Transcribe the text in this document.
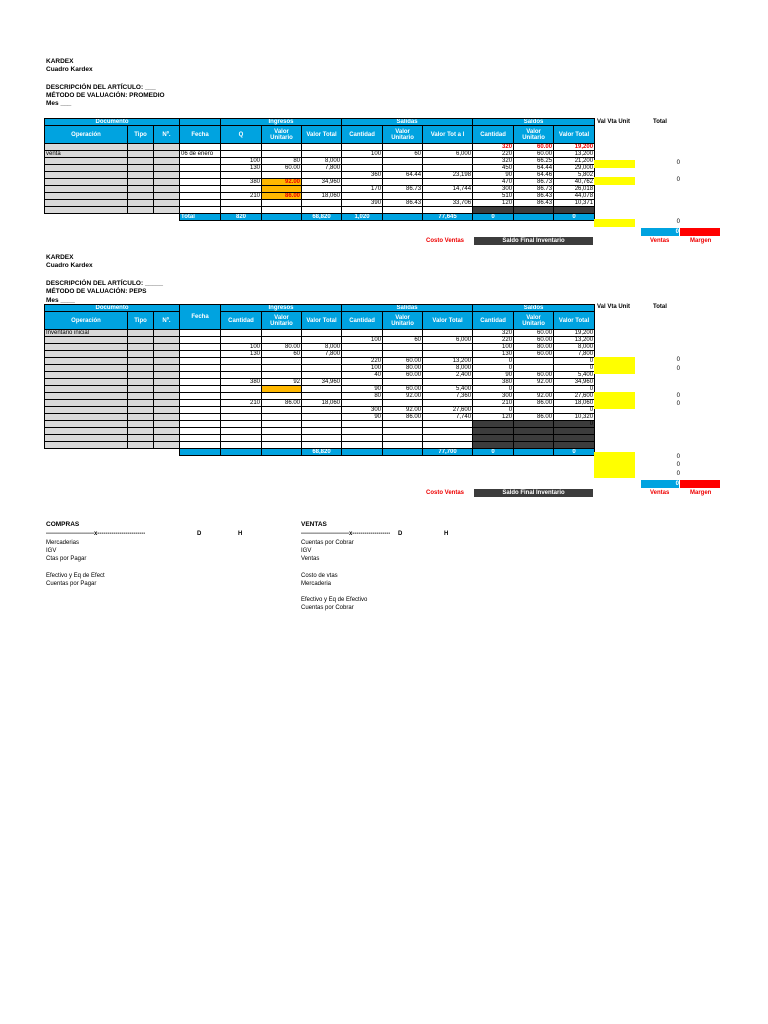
KARDEX
Cuadro Kardex
DESCRIPCIÓN DEL ARTÍCULO: ___
MÉTODO DE VALUACIÓN: PROMEDIO
Mes ___
Val Vta Unit	Total
Documento				Ingresos			Salidas			Saldos		
Operación	Tipo	Nº.	Fecha	Q	Valor Unitario	Valor Total	Cantidad	Valor Unitario	Valor Tot a l	Cantidad	Valor Unitario	Valor Total
										320	60.00	19,200
venta			06 de enero				100	60	6,000	220	60.00	13,200
				100	80	8,000				320	66.25	21,200
				130	60.00	7,800				450	64.44	29,000
							360	64.44	23,198	90	64.46	5,802
				380	92.00	34,960				470	86.73	40,762
							170	86.73	14,744	300	86.73	26,018
				210	86.00	18,060				510	86.43	44,078
							390	86.43	33,706	120	86.43	10,371

			Total	820		68,820	1,020		77,645	0		0
0
0
0
0
Costo Ventas	Saldo Final Inventario	Ventas	Margen
KARDEX
Cuadro Kardex
DESCRIPCIÓN DEL ARTÍCULO: _____
MÉTODO DE VALUACIÓN: PEPS
Mes ____
Val Vta Unit	Total
Documento			Fecha	Ingresos			Salidas			Saldos		
Operación	Tipo	Nº.		Cantidad	Valor Unitario	Valor Total	Cantidad	Valor Unitario	Valor Total	Cantidad	Valor Unitario	Valor Total
Inventario inicial										320	60.00	19,200
							100	60	6,000	220	60.00	13,200
				100	80.00	8,000				100	80.00	8,000
				130	60	7,800				130	60.00	7,800
							220	60.00	13,200	0		0
							100	80.00	8,000	0		0
							40	60.00	2,400	90	60.00	5,400
				380	92	34,960				380	92.00	34,960
							90	60.00	5,400	0		0
							80	92.00	7,360	300	92.00	27,600
				210	86.00	18,060				210	86.00	18,060
							300	92.00	27,600	0		0
							90	86.00	7,740	120	86.00	10,320
												0

						68,820			77,700	0		0
0
0
0
0
0
0
0
0
Costo Ventas	Saldo Final Inventario	Ventas	Margen
COMPRAS
------------------------x------------------------	D	H
Mercaderias
IGV
Ctas por Pagar
Efectivo y Eq de Efect
Cuentas por Pagar
VENTAS
------------------------x------------------- D	H
Cuentas por Cobrar
IGV
Ventas
Costo de vtas
Mercaderia
Efectivo y Eq de Efectivo
Cuentas por Cobrar
